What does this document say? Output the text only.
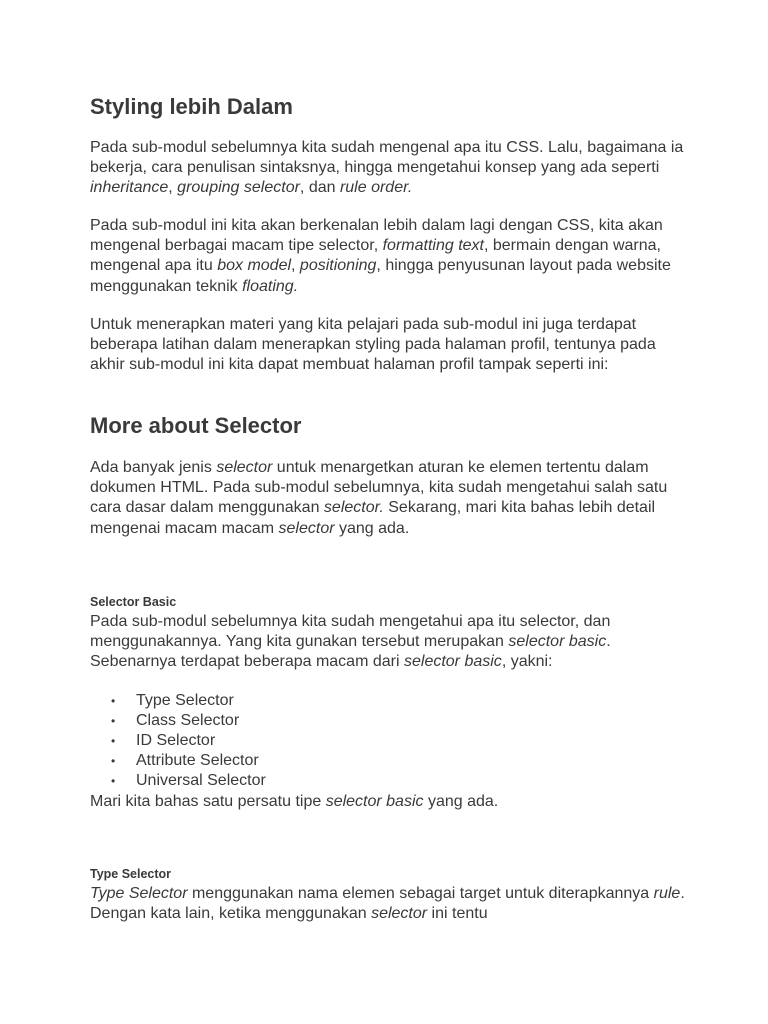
Styling lebih Dalam

Pada sub-modul sebelumnya kita sudah mengenal apa itu CSS. Lalu, bagaimana ia bekerja, cara penulisan sintaksnya, hingga mengetahui konsep yang ada seperti inheritance, grouping selector, dan rule order.

Pada sub-modul ini kita akan berkenalan lebih dalam lagi dengan CSS, kita akan mengenal berbagai macam tipe selector, formatting text, bermain dengan warna, mengenal apa itu box model, positioning, hingga penyusunan layout pada website menggunakan teknik floating.

Untuk menerapkan materi yang kita pelajari pada sub-modul ini juga terdapat beberapa latihan dalam menerapkan styling pada halaman profil, tentunya pada akhir sub-modul ini kita dapat membuat halaman profil tampak seperti ini:

More about Selector

Ada banyak jenis selector untuk menargetkan aturan ke elemen tertentu dalam dokumen HTML. Pada sub-modul sebelumnya, kita sudah mengetahui salah satu cara dasar dalam menggunakan selector. Sekarang, mari kita bahas lebih detail mengenai macam macam selector yang ada.

Selector Basic

Pada sub-modul sebelumnya kita sudah mengetahui apa itu selector, dan menggunakannya. Yang kita gunakan tersebut merupakan selector basic. Sebenarnya terdapat beberapa macam dari selector basic, yakni:

• Type Selector
• Class Selector
• ID Selector
• Attribute Selector
• Universal Selector

Mari kita bahas satu persatu tipe selector basic yang ada.

Type Selector

Type Selector menggunakan nama elemen sebagai target untuk diterapkannya rule. Dengan kata lain, ketika menggunakan selector ini tentu
